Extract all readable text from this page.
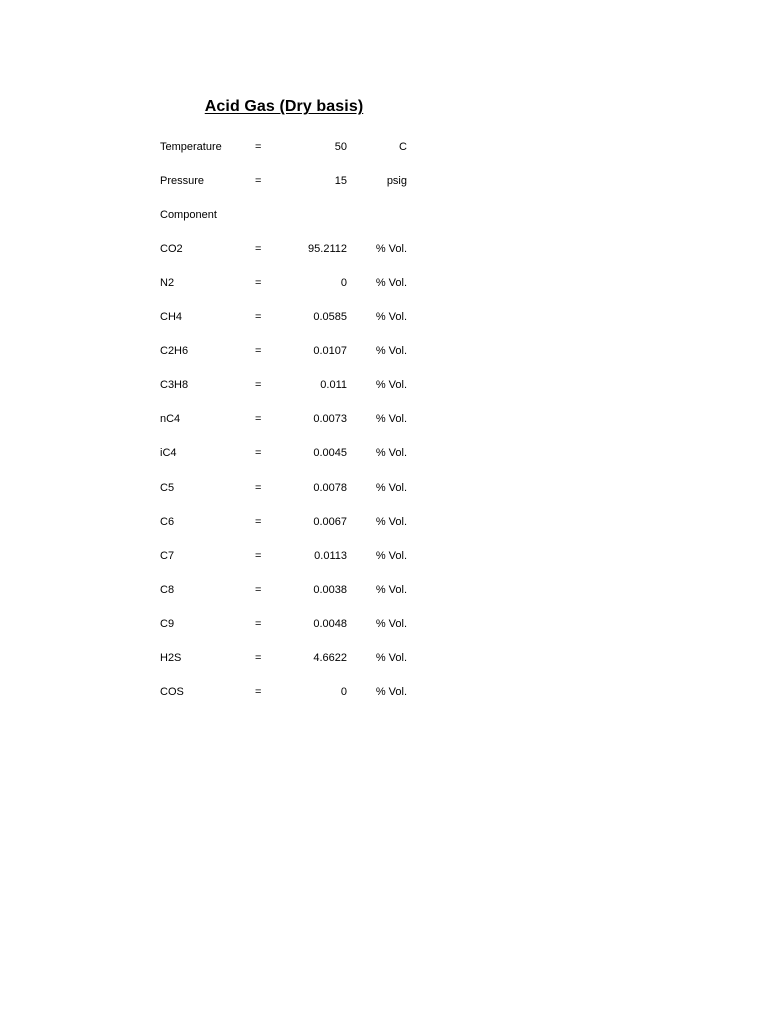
Acid Gas (Dry basis)
Temperature	=	50	C
Pressure	=	15	psig
Component
CO2	=	95.2112	% Vol.
N2	=	0	% Vol.
CH4	=	0.0585	% Vol.
C2H6	=	0.0107	% Vol.
C3H8	=	0.011	% Vol.
nC4	=	0.0073	% Vol.
iC4	=	0.0045	% Vol.
C5	=	0.0078	% Vol.
C6	=	0.0067	% Vol.
C7	=	0.0113	% Vol.
C8	=	0.0038	% Vol.
C9	=	0.0048	% Vol.
H2S	=	4.6622	% Vol.
COS	=	0	% Vol.
